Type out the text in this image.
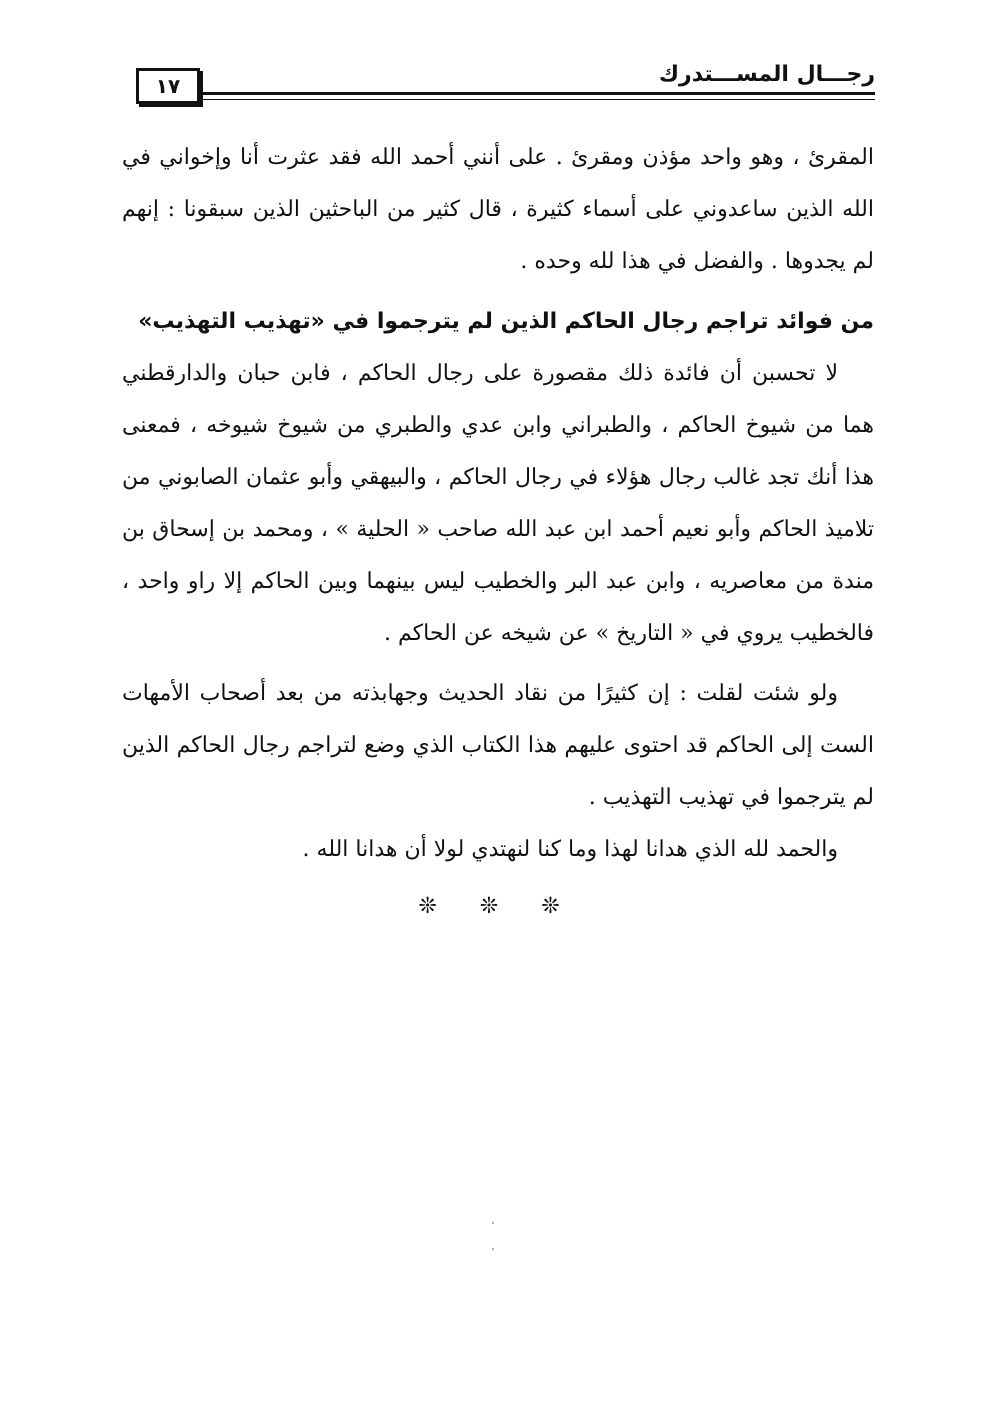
١٧	رجـــال المســـتدرك

المقرئ ، وهو واحد مؤذن ومقرئ . على أنني أحمد الله فقد عثرت أنا وإخواني في الله الذين ساعدوني على أسماء كثيرة ، قال كثير من الباحثين الذين سبقونا : إنهم لم يجدوها . والفضل في هذا لله وحده .

من فوائد تراجم رجال الحاكم الذين لم يترجموا في «تهذيب التهذيب»

لا تحسبن أن فائدة ذلك مقصورة على رجال الحاكم ، فابن حبان والدارقطني هما من شيوخ الحاكم ، والطبراني وابن عدي والطبري من شيوخ شيوخه ، فمعنى هذا أنك تجد غالب رجال هؤلاء في رجال الحاكم ، والبيهقي وأبو عثمان الصابوني من تلاميذ الحاكم وأبو نعيم أحمد ابن عبد الله صاحب « الحلية » ، ومحمد بن إسحاق بن مندة من معاصريه ، وابن عبد البر والخطيب ليس بينهما وبين الحاكم إلا راو واحد ، فالخطيب يروي في « التاريخ » عن شيخه عن الحاكم .

ولو شئت لقلت : إن كثيرًا من نقاد الحديث وجهابذته من بعد أصحاب الأمهات الست إلى الحاكم قد احتوى عليهم هذا الكتاب الذي وضع لتراجم رجال الحاكم الذين لم يترجموا في تهذيب التهذيب .

والحمد لله الذي هدانا لهذا وما كنا لنهتدي لولا أن هدانا الله .

❊ ❊ ❊
